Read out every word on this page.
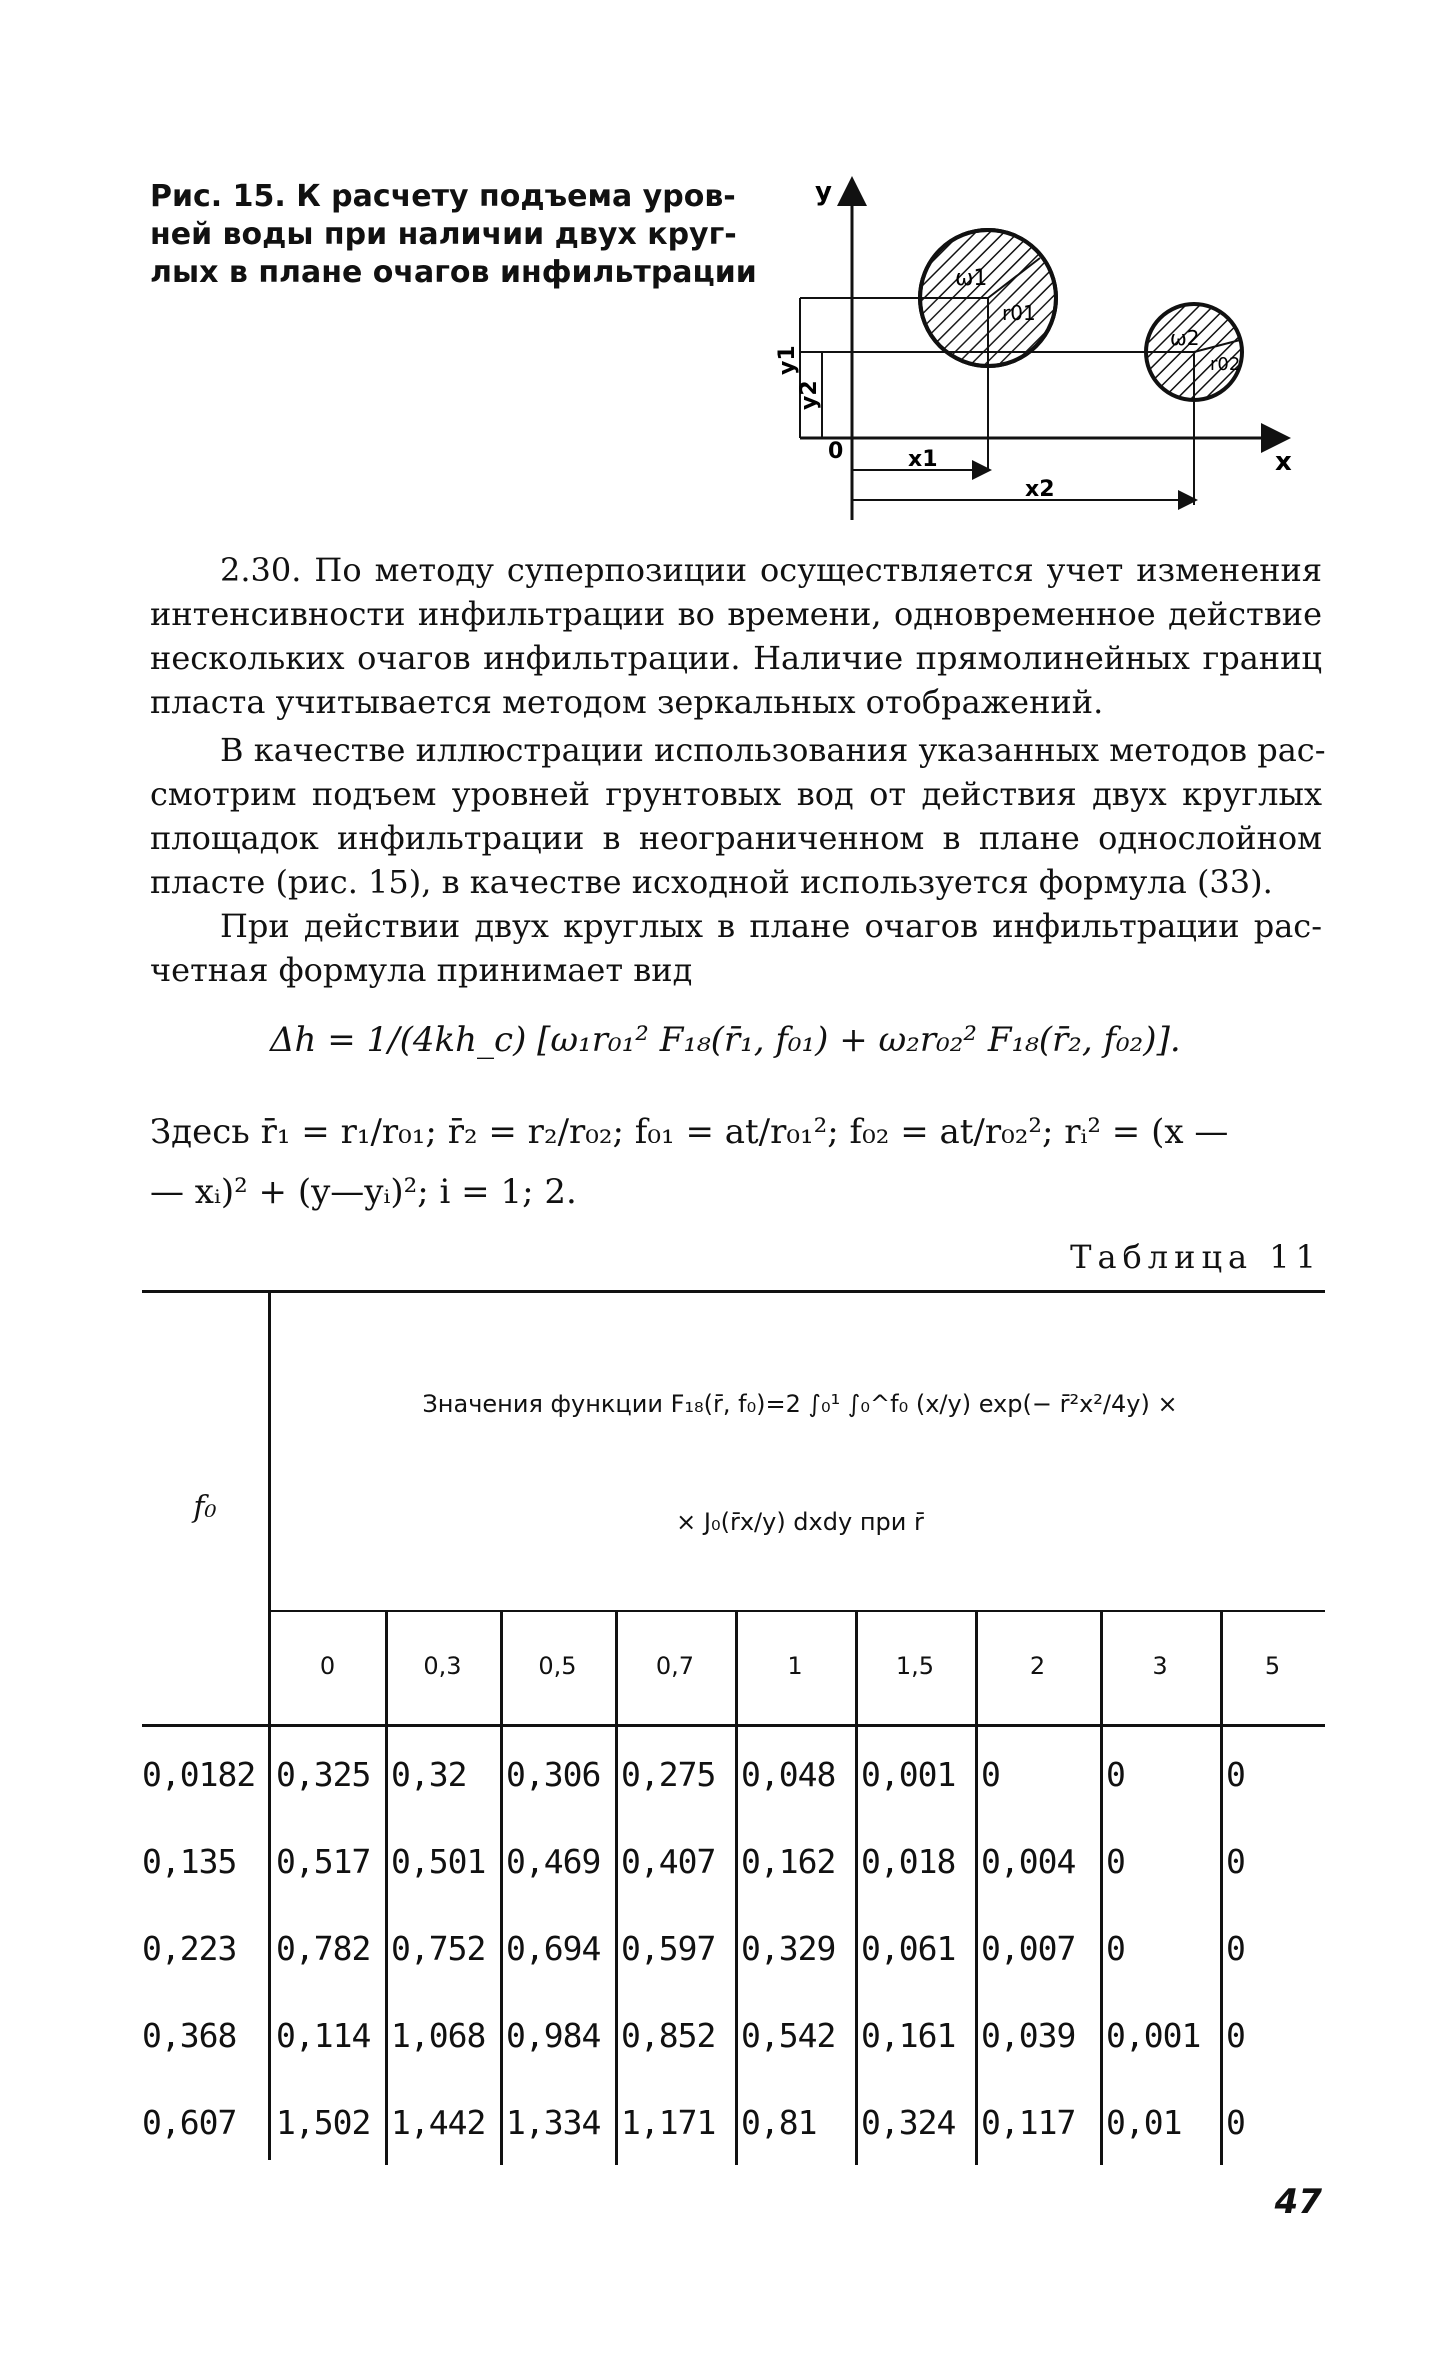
Рис. 15. К расчету подъема уров-
ней воды при наличии двух круг-
лых в плане очагов инфильтрации
y
x
0	x1
x2
y1
y2
ω1
r01
ω2
r02
2.30. По методу суперпозиции осуществляется учет изменения
интенсивности инфильтрации во времени, одновременное действие
нескольких очагов инфильтрации. Наличие прямолинейных границ
пласта учитывается методом зеркальных отображений.
В качестве иллюстрации использования указанных методов рас-
смотрим подъем уровней грунтовых вод от действия двух круглых
площадок инфильтрации в неограниченном в плане однослойном
пласте (рис. 15), в качестве исходной используется формула (33).
При действии двух круглых в плане очагов инфильтрации рас-
четная формула принимает вид
Δh = 1/(4kh_c) [ω₁r₀₁² F₁₈(r̄₁, f₀₁) + ω₂r₀₂² F₁₈(r̄₂, f₀₂)].
Здесь r̄₁ = r₁/r₀₁; r̄₂ = r₂/r₀₂; f₀₁ = at/r₀₁²; f₀₂ = at/r₀₂²; rᵢ² = (x —
— xᵢ)² + (y—yᵢ)²; i = 1; 2.
Таблица 11
f₀
Значения функции F₁₈(r̄, f₀)=2 ∫₀¹ ∫₀^f₀ (x/y) exp(− r̄²x²/4y) ×
× J₀(r̄x/y) dxdy при r̄
0	0,3	0,5	0,7	1	1,5	2	3	5
0,0182 0,325 0,32 0,306 0,275 0,048 0,001 0	0	0
0,135 0,517 0,501 0,469 0,407 0,162 0,018 0,004 0	0
0,223 0,782 0,752 0,694 0,597 0,329 0,061 0,007 0	0
0,368 0,114 1,068 0,984 0,852 0,542 0,161 0,039 0,001 0
0,607 1,502 1,442 1,334 1,171 0,81 0,324 0,117 0,01 0
47
